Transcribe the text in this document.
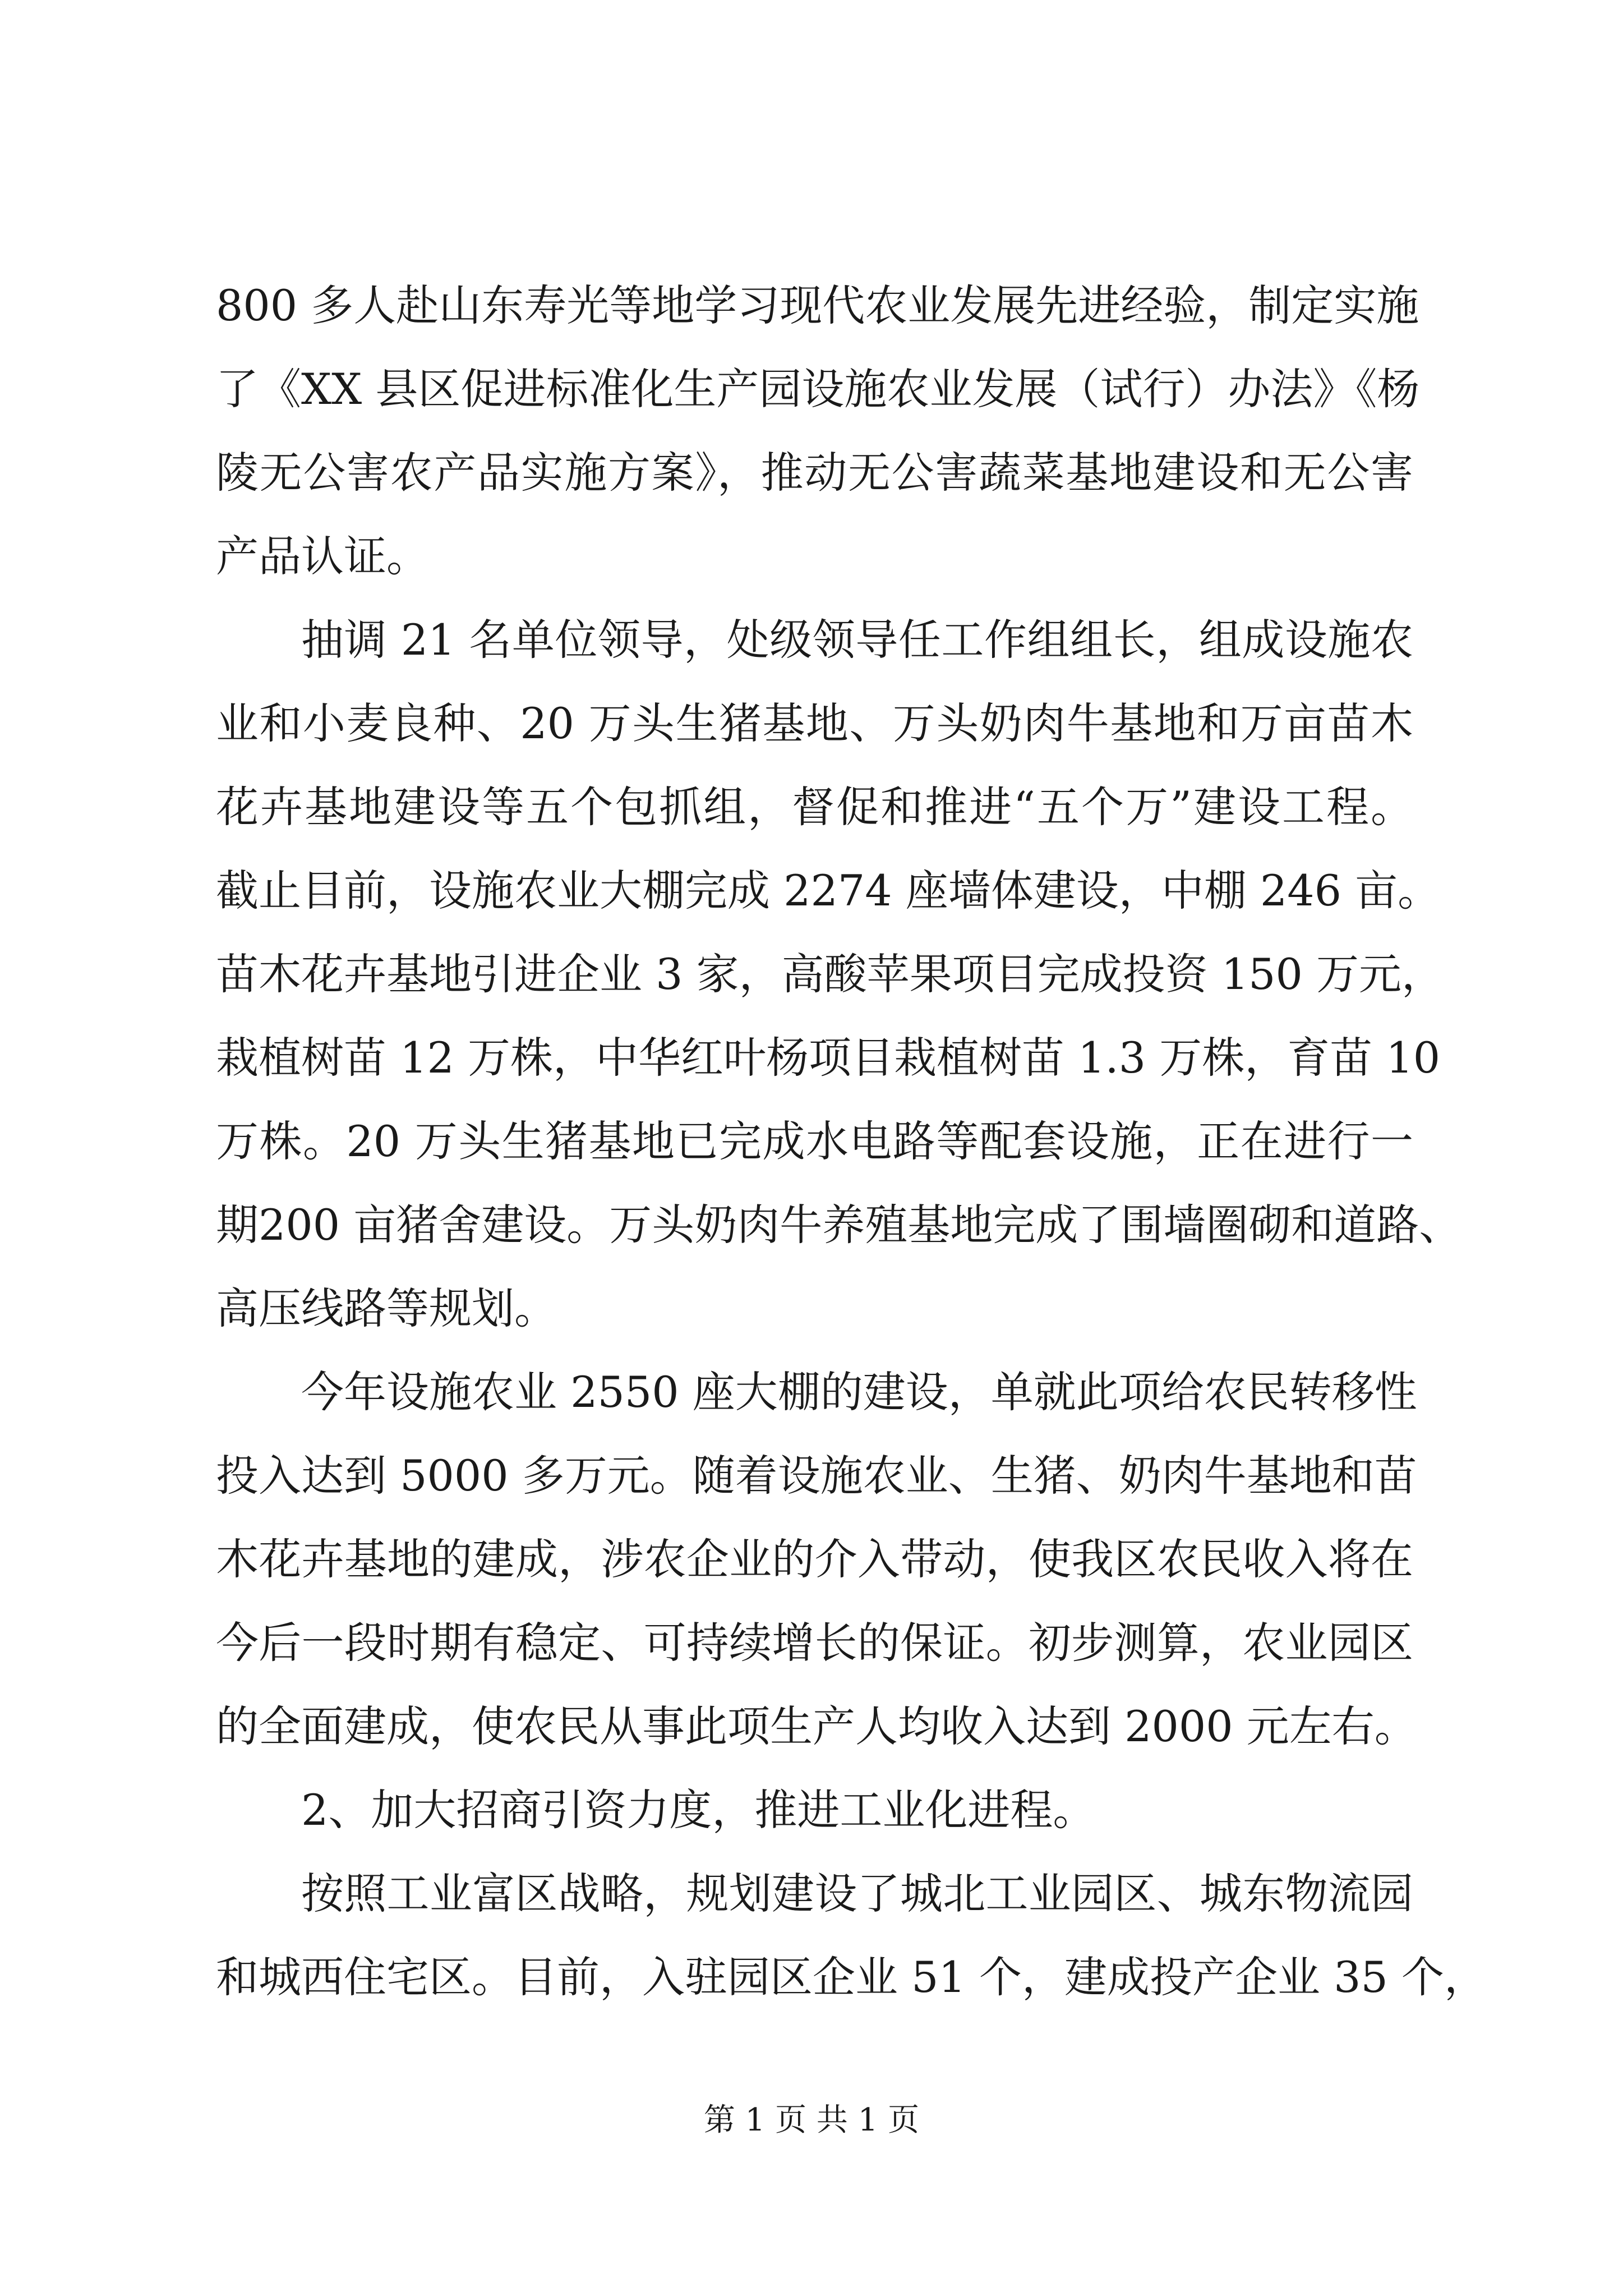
800 多人赴山东寿光等地学习现代农业发展先进经验，制定实施
了《XX 县区促进标准化生产园设施农业发展（试行）办法》《杨
陵无公害农产品实施方案》，推动无公害蔬菜基地建设和无公害
产品认证。
抽调 21 名单位领导，处级领导任工作组组长，组成设施农
业和小麦良种、20 万头生猪基地、万头奶肉牛基地和万亩苗木
花卉基地建设等五个包抓组，督促和推进“五个万”建设工程。
截止目前，设施农业大棚完成 2274 座墙体建设，中棚 246 亩。
苗木花卉基地引进企业 3 家，高酸苹果项目完成投资 150 万元，
栽植树苗 12 万株，中华红叶杨项目栽植树苗 1.3 万株，育苗 10
万株。20 万头生猪基地已完成水电路等配套设施，正在进行一
期200 亩猪舍建设。万头奶肉牛养殖基地完成了围墙圈砌和道路、
高压线路等规划。
今年设施农业 2550 座大棚的建设，单就此项给农民转移性
投入达到 5000 多万元。随着设施农业、生猪、奶肉牛基地和苗
木花卉基地的建成，涉农企业的介入带动，使我区农民收入将在
今后一段时期有稳定、可持续增长的保证。初步测算，农业园区
的全面建成，使农民从事此项生产人均收入达到 2000 元左右。
2、加大招商引资力度，推进工业化进程。
按照工业富区战略，规划建设了城北工业园区、城东物流园
和城西住宅区。目前，入驻园区企业 51 个，建成投产企业 35 个，
第 1 页 共 1 页
